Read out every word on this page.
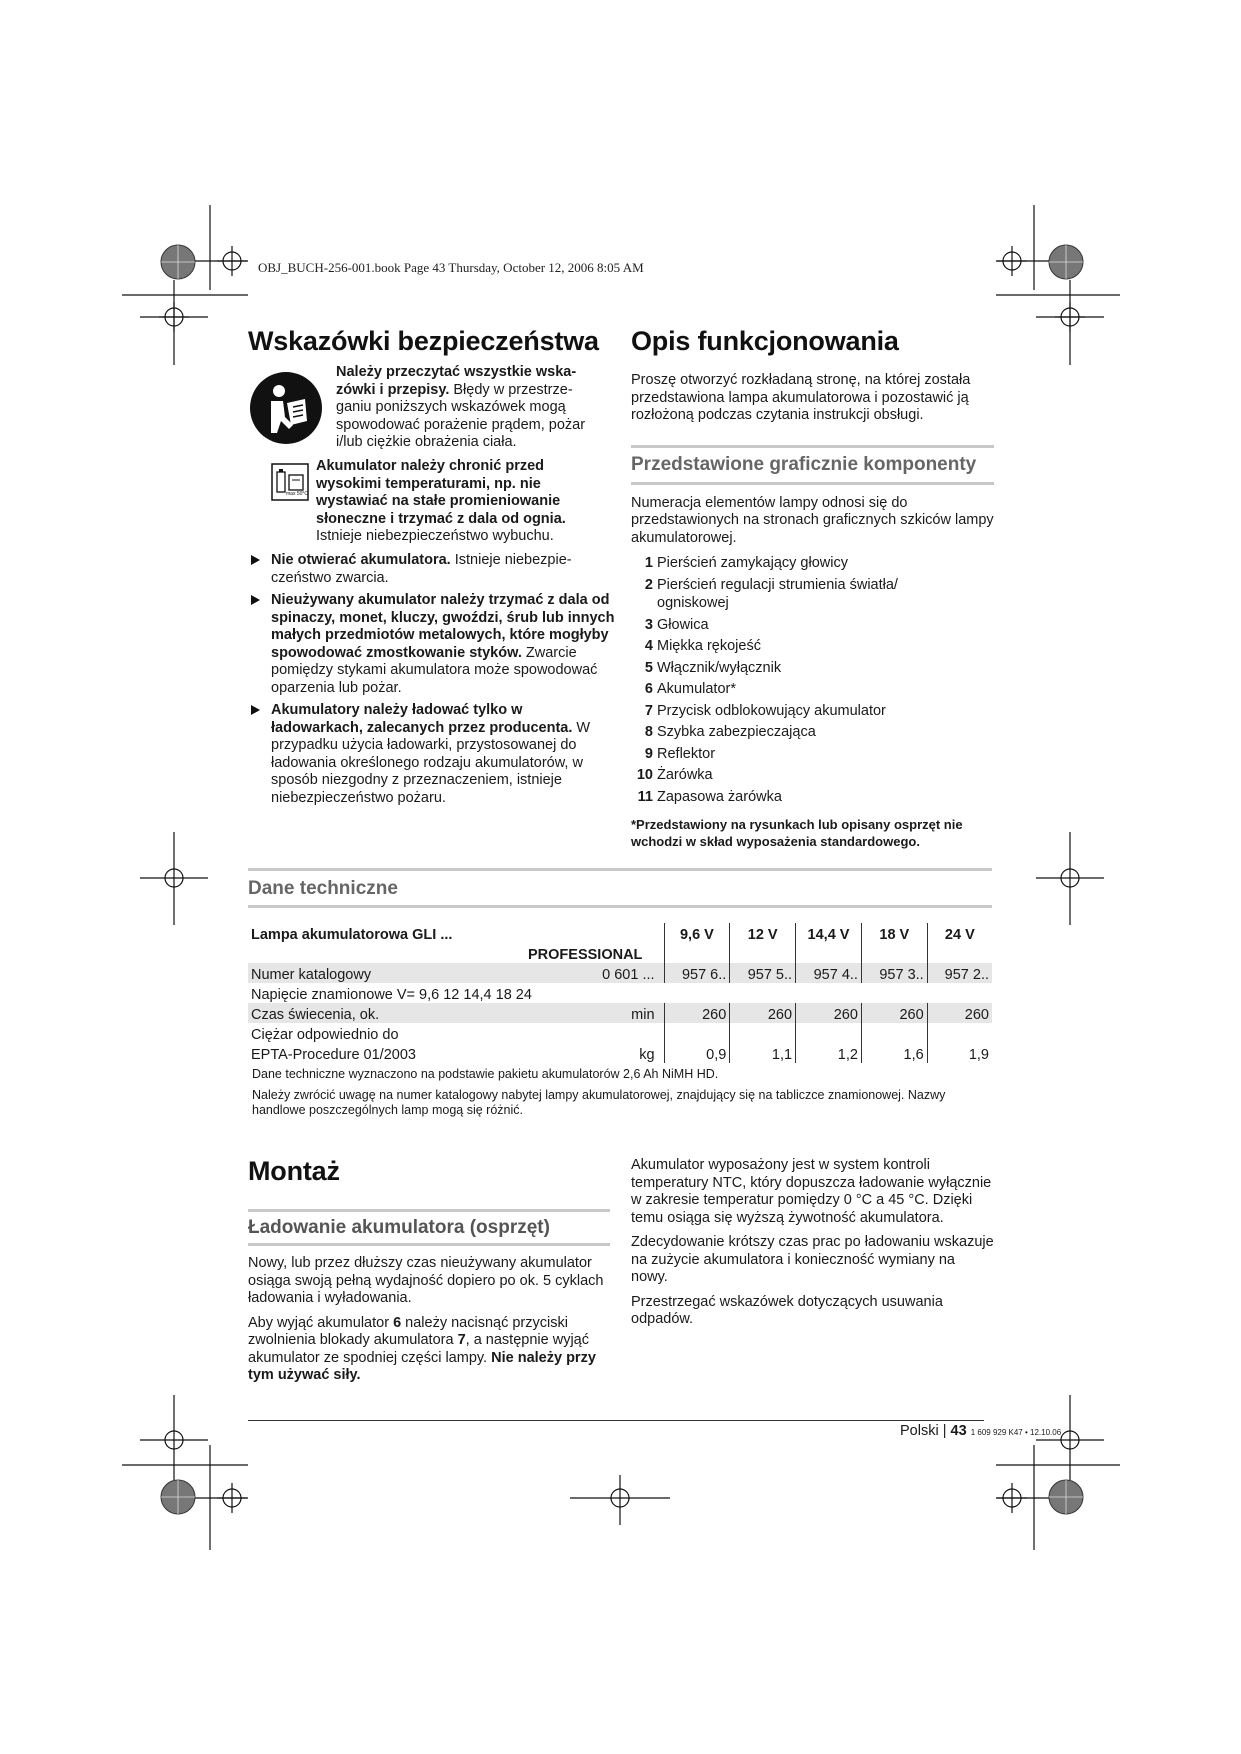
OBJ_BUCH-256-001.book Page 43 Thursday, October 12, 2006 8:05 AM
Wskazówki bezpieczeństwa

Należy przeczytać wszystkie wska-zówki i przepisy. Błędy w przestrze-ganiu poniższych wskazówek mogą spowodować porażenie prądem, pożar i/lub ciężkie obrażenia ciała.

max 50°C

Akumulator należy chronić przed wysokimi temperaturami, np. nie wystawiać na stałe promieniowanie słoneczne i trzymać z dala od ognia. Istnieje niebezpieczeństwo wybuchu.

Nie otwierać akumulatora. Istnieje niebezpie-czeństwo zwarcia.

Nieużywany akumulator należy trzymać z dala od spinaczy, monet, kluczy, gwoździ, śrub lub innych małych przedmiotów metalowych, które mogłyby spowodować zmostkowanie styków. Zwarcie pomiędzy stykami akumulatora może spowodować oparzenia lub pożar.

Akumulatory należy ładować tylko w ładowarkach, zalecanych przez producenta. W przypadku użycia ładowarki, przystosowanej do ładowania określonego rodzaju akumulatorów, w sposób niezgodny z przeznaczeniem, istnieje niebezpieczeństwo pożaru.

Opis funkcjonowania

Proszę otworzyć rozkładaną stronę, na której została przedstawiona lampa akumulatorowa i pozostawić ją rozłożoną podczas czytania instrukcji obsługi.

Przedstawione graficznie komponenty

Numeracja elementów lampy odnosi się do przedstawionych na stronach graficznych szkiców lampy akumulatorowej.

1 Pierścień zamykający głowicy
2 Pierścień regulacji strumienia światła/
ogniskowej
3 Głowica
4 Miękka rękojeść
5 Włącznik/wyłącznik
6 Akumulator*
7 Przycisk odblokowujący akumulator
8 Szybka zabezpieczająca
9 Reflektor
10 Żarówka
11 Zapasowa żarówka

*Przedstawiony na rysunkach lub opisany osprzęt nie wchodzi w skład wyposażenia standardowego.

Dane techniczne
Lampa akumulatorowa GLI ...		9,6 V	12 V	14,4 V	18 V	24 V
PROFESSIONAL						
Numer katalogowy 0 601 ...		957 6..	957 5..	957 4..	957 3..	957 2..
Napięcie znamionowe V= 9,6 12 14,4 18 24						
Czas świecenia, ok. min		260	260	260	260	260
Ciężar odpowiednio do						
EPTA-Procedure 01/2003 kg		0,9	1,1	1,2	1,6	1,9

Dane techniczne wyznaczono na podstawie pakietu akumulatorów 2,6 Ah NiMH HD.

Należy zwrócić uwagę na numer katalogowy nabytej lampy akumulatorowej, znajdujący się na tabliczce znamionowej. Nazwy handlowe poszczególnych lamp mogą się różnić.

Montaż
Ładowanie akumulatora (osprzęt)

Nowy, lub przez dłuższy czas nieużywany akumulator osiąga swoją pełną wydajność dopiero po ok. 5 cyklach ładowania i wyładowania.

Aby wyjąć akumulator 6 należy nacisnąć przyciski zwolnienia blokady akumulatora 7, a następnie wyjąć akumulator ze spodniej części lampy. Nie należy przy tym używać siły.

Akumulator wyposażony jest w system kontroli temperatury NTC, który dopuszcza ładowanie wyłącznie w zakresie temperatur pomiędzy 0 °C a 45 °C. Dzięki temu osiąga się wyższą żywotność akumulatora.

Zdecydowanie krótszy czas prac po ładowaniu wskazuje na zużycie akumulatora i konieczność wymiany na nowy.

Przestrzegać wskazówek dotyczących usuwania odpadów.

Polski | 43 1 609 929 K47 • 12.10.06
